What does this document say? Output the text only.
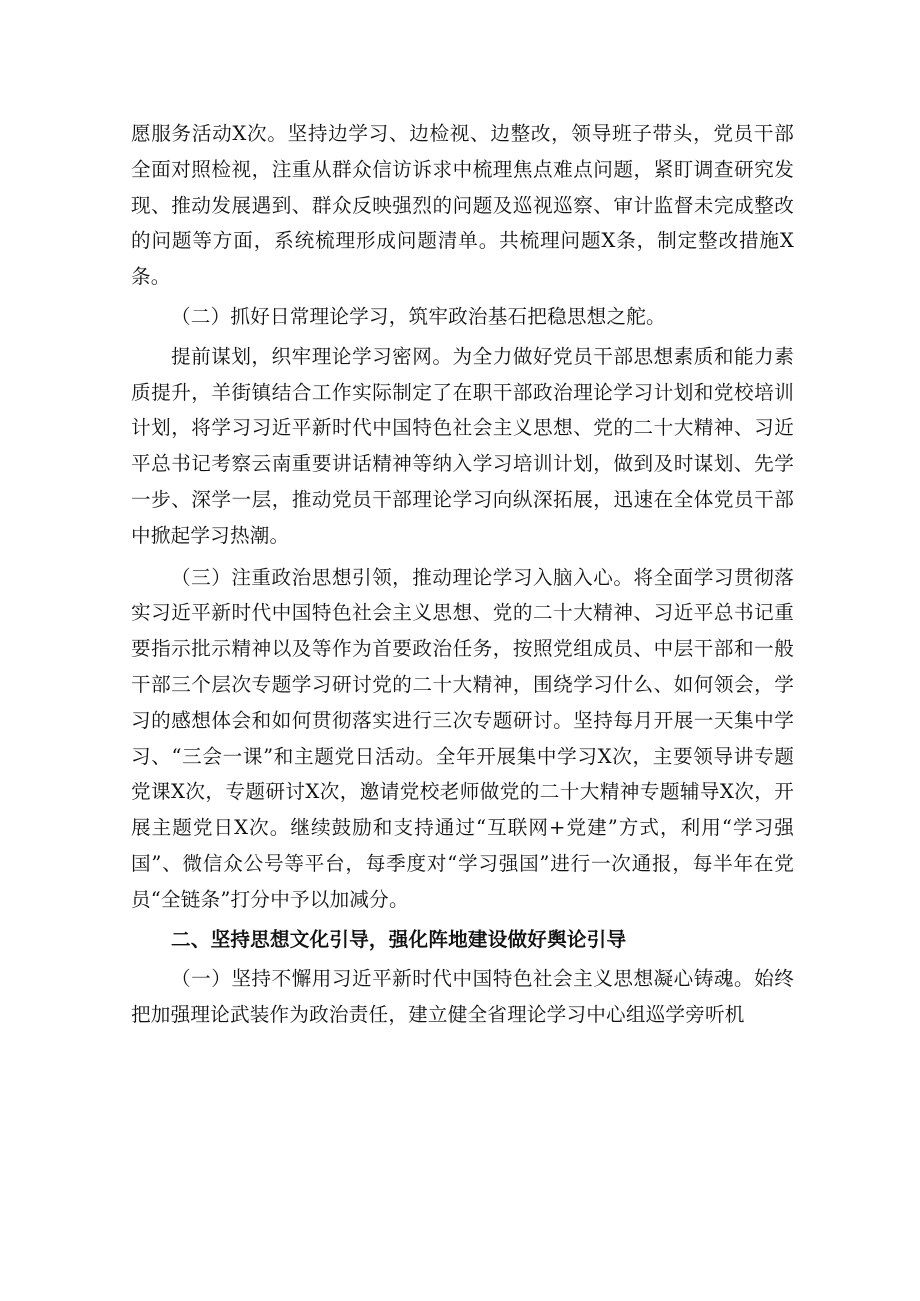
愿服务活动X次。坚持边学习、边检视、边整改，领导班子带头，党员干部全面对照检视，注重从群众信访诉求中梳理焦点难点问题，紧盯调查研究发现、推动发展遇到、群众反映强烈的问题及巡视巡察、审计监督未完成整改的问题等方面，系统梳理形成问题清单。共梳理问题X条，制定整改措施X条。

（二）抓好日常理论学习，筑牢政治基石把稳思想之舵。

提前谋划，织牢理论学习密网。为全力做好党员干部思想素质和能力素质提升，羊街镇结合工作实际制定了在职干部政治理论学习计划和党校培训计划，将学习习近平新时代中国特色社会主义思想、党的二十大精神、习近平总书记考察云南重要讲话精神等纳入学习培训计划，做到及时谋划、先学一步、深学一层，推动党员干部理论学习向纵深拓展，迅速在全体党员干部中掀起学习热潮。

（三）注重政治思想引领，推动理论学习入脑入心。将全面学习贯彻落实习近平新时代中国特色社会主义思想、党的二十大精神、习近平总书记重要指示批示精神以及等作为首要政治任务，按照党组成员、中层干部和一般干部三个层次专题学习研讨党的二十大精神，围绕学习什么、如何领会，学习的感想体会和如何贯彻落实进行三次专题研讨。坚持每月开展一天集中学习、“三会一课”和主题党日活动。全年开展集中学习X次，主要领导讲专题党课X次，专题研讨X次，邀请党校老师做党的二十大精神专题辅导X次，开展主题党日X次。继续鼓励和支持通过“互联网+党建”方式，利用“学习强国”、微信众公号等平台，每季度对“学习强国”进行一次通报，每半年在党员“全链条”打分中予以加减分。

二、坚持思想文化引导，强化阵地建设做好舆论引导

（一）坚持不懈用习近平新时代中国特色社会主义思想凝心铸魂。始终把加强理论武装作为政治责任，建立健全省理论学习中心组巡学旁听机
